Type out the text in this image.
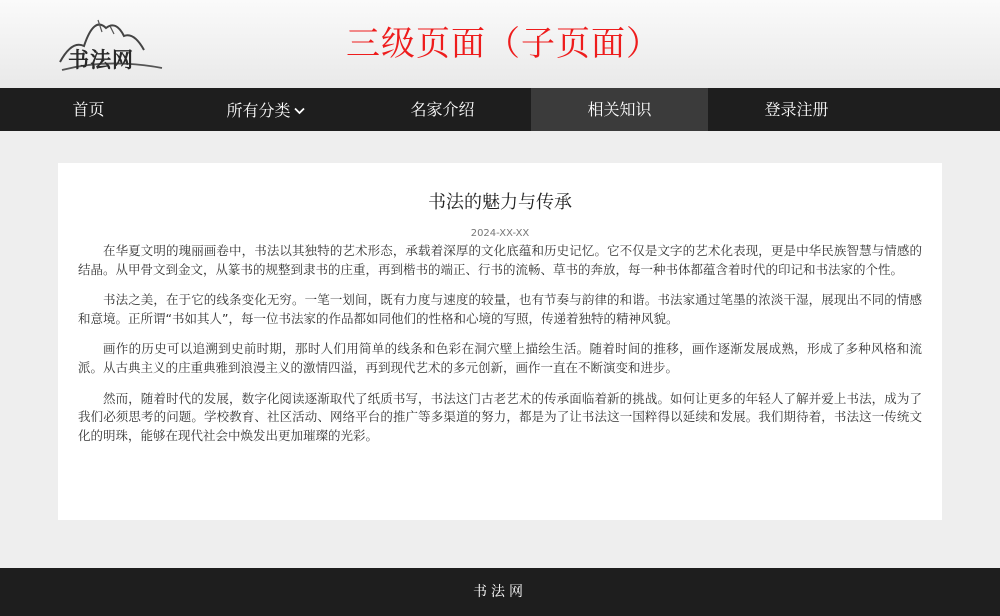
书法网	三级页面（子页面）
首页	所有分类	名家介绍	相关知识	登录注册
书法的魅力与传承
2024-XX-XX

在华夏文明的瑰丽画卷中，书法以其独特的艺术形态，承载着深厚的文化底蕴和历史记忆。它不仅是文字的艺术化表现，更是中华民族智慧与情感的结晶。从甲骨文到金文，从篆书的规整到隶书的庄重，再到楷书的端正、行书的流畅、草书的奔放，每一种书体都蕴含着时代的印记和书法家的个性。

书法之美，在于它的线条变化无穷。一笔一划间，既有力度与速度的较量，也有节奏与韵律的和谐。书法家通过笔墨的浓淡干湿，展现出不同的情感和意境。正所谓“书如其人”，每一位书法家的作品都如同他们的性格和心境的写照，传递着独特的精神风貌。

画作的历史可以追溯到史前时期，那时人们用简单的线条和色彩在洞穴壁上描绘生活。随着时间的推移，画作逐渐发展成熟，形成了多种风格和流派。从古典主义的庄重典雅到浪漫主义的激情四溢，再到现代艺术的多元创新，画作一直在不断演变和进步。

然而，随着时代的发展，数字化阅读逐渐取代了纸质书写，书法这门古老艺术的传承面临着新的挑战。如何让更多的年轻人了解并爱上书法，成为了我们必须思考的问题。学校教育、社区活动、网络平台的推广等多渠道的努力，都是为了让书法这一国粹得以延续和发展。我们期待着，书法这一传统文化的明珠，能够在现代社会中焕发出更加璀璨的光彩。

书法网
